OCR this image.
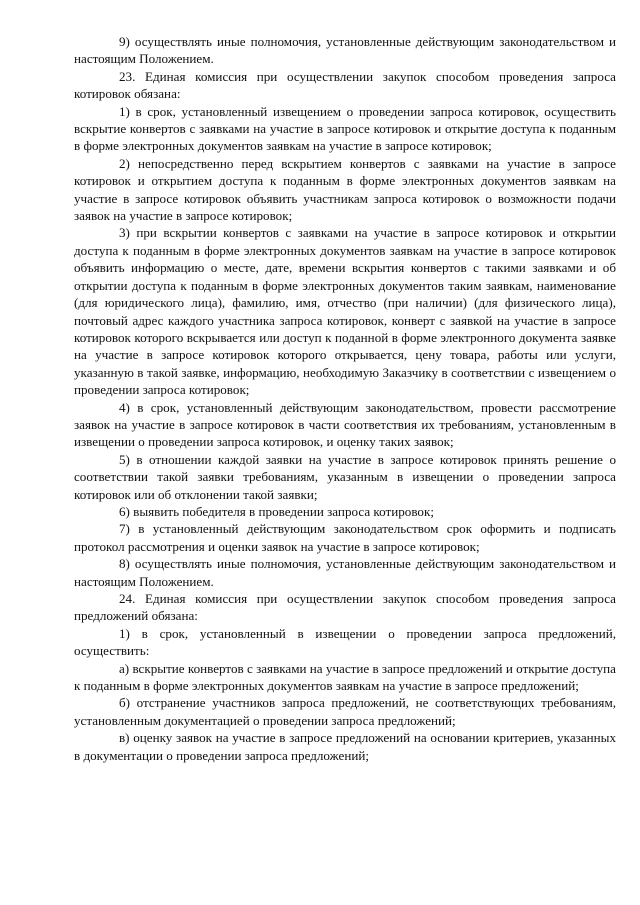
9) осуществлять иные полномочия, установленные действующим законодательством и настоящим Положением.

23. Единая комиссия при осуществлении закупок способом проведения запроса котировок обязана:

1) в срок, установленный извещением о проведении запроса котировок, осуществить вскрытие конвертов с заявками на участие в запросе котировок и открытие доступа к поданным в форме электронных документов заявкам на участие в запросе котировок;

2) непосредственно перед вскрытием конвертов с заявками на участие в запросе котировок и открытием доступа к поданным в форме электронных документов заявкам на участие в запросе котировок объявить участникам запроса котировок о возможности подачи заявок на участие в запросе котировок;

3) при вскрытии конвертов с заявками на участие в запросе котировок и открытии доступа к поданным в форме электронных документов заявкам на участие в запросе котировок объявить информацию о месте, дате, времени вскрытия конвертов с такими заявками и об открытии доступа к поданным в форме электронных документов таким заявкам, наименование (для юридического лица), фамилию, имя, отчество (при наличии) (для физического лица), почтовый адрес каждого участника запроса котировок, конверт с заявкой на участие в запросе котировок которого вскрывается или доступ к поданной в форме электронного документа заявке на участие в запросе котировок которого открывается, цену товара, работы или услуги, указанную в такой заявке, информацию, необходимую Заказчику в соответствии с извещением о проведении запроса котировок;

4) в срок, установленный действующим законодательством, провести рассмотрение заявок на участие в запросе котировок в части соответствия их требованиям, установленным в извещении о проведении запроса котировок, и оценку таких заявок;

5) в отношении каждой заявки на участие в запросе котировок принять решение о соответствии такой заявки требованиям, указанным в извещении о проведении запроса котировок или об отклонении такой заявки;

6) выявить победителя в проведении запроса котировок;

7) в установленный действующим законодательством срок оформить и подписать протокол рассмотрения и оценки заявок на участие в запросе котировок;

8) осуществлять иные полномочия, установленные действующим законодательством и настоящим Положением.

24. Единая комиссия при осуществлении закупок способом проведения запроса предложений обязана:

1) в срок, установленный в извещении о проведении запроса предложений, осуществить:

а) вскрытие конвертов с заявками на участие в запросе предложений и открытие доступа к поданным в форме электронных документов заявкам на участие в запросе предложений;

б) отстранение участников запроса предложений, не соответствующих требованиям, установленным документацией о проведении запроса предложений;

в) оценку заявок на участие в запросе предложений на основании критериев, указанных в документации о проведении запроса предложений;
